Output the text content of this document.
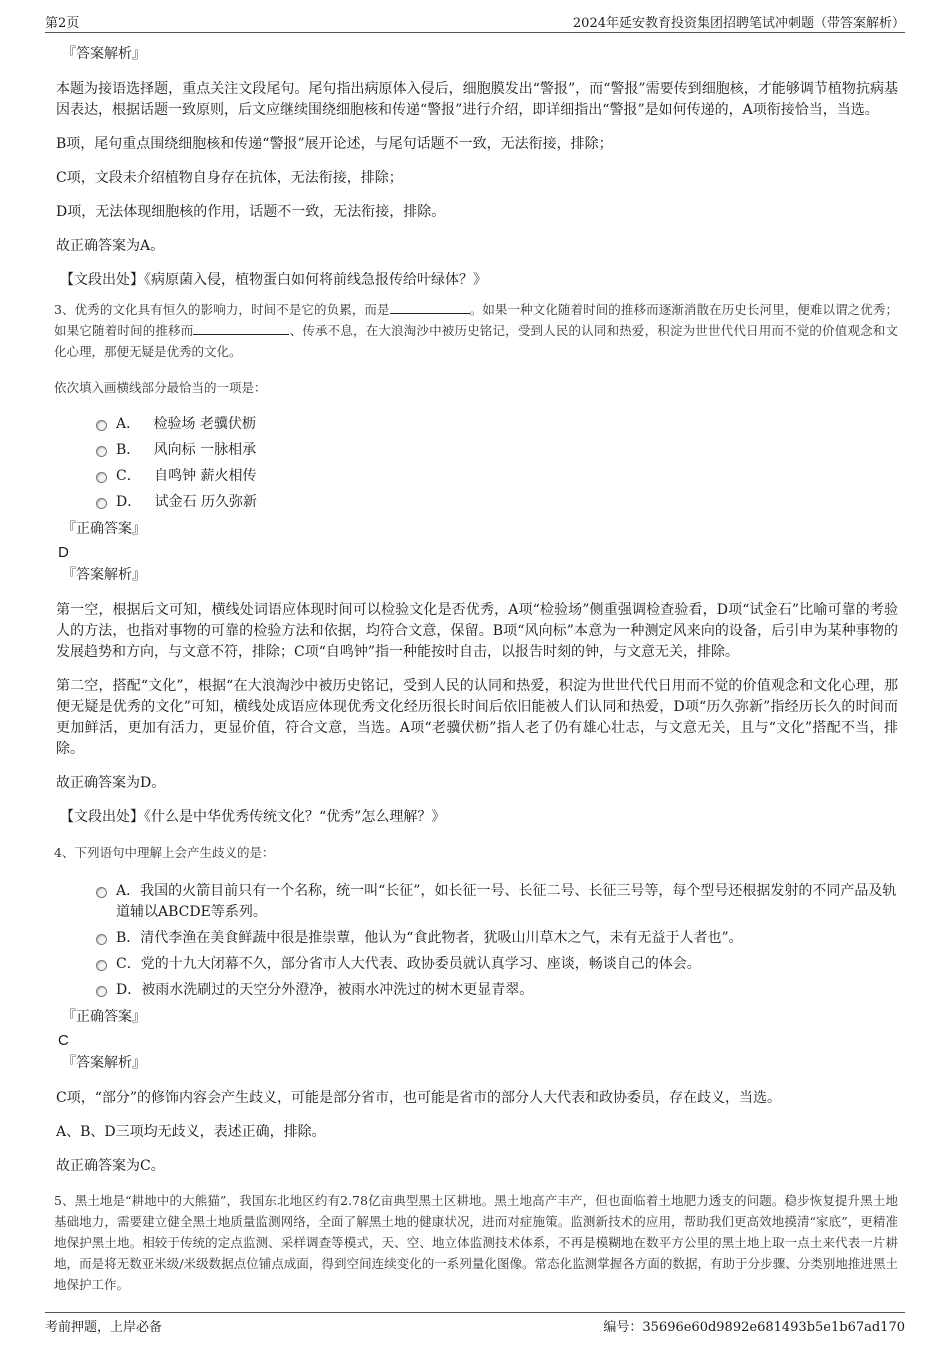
第2页	2024年延安教育投资集团招聘笔试冲刺题（带答案解析）
『答案解析』

本题为接语选择题，重点关注文段尾句。尾句指出病原体入侵后，细胞膜发出“警报”，而“警报”需要传到细胞核，才能够调节植物抗病基因表达，根据话题一致原则，后文应继续围绕细胞核和传递“警报”进行介绍，即详细指出“警报”是如何传递的，A项衔接恰当，当选。

B项，尾句重点围绕细胞核和传递“警报”展开论述，与尾句话题不一致，无法衔接，排除；

C项，文段未介绍植物自身存在抗体，无法衔接，排除；

D项，无法体现细胞核的作用，话题不一致，无法衔接，排除。

故正确答案为A。

【文段出处】《病原菌入侵，植物蛋白如何将前线急报传给叶绿体？》

3、优秀的文化具有恒久的影响力，时间不是它的负累，而是	。如果一种文化随着时间的推移而逐渐消散在历史长河里，便难以谓之优秀；如果它随着时间的推移而	、传承不息，在大浪淘沙中被历史铭记，受到人民的认同和热爱，积淀为世世代代日用而不觉的价值观念和文化心理，那便无疑是优秀的文化。

依次填入画横线部分最恰当的一项是：

A． 检验场 老骥伏枥
B． 风向标 一脉相承
C． 自鸣钟 薪火相传
D． 试金石 历久弥新
『正确答案』
D
『答案解析』

第一空，根据后文可知，横线处词语应体现时间可以检验文化是否优秀，A项“检验场”侧重强调检查验看，D项“试金石”比喻可靠的考验人的方法，也指对事物的可靠的检验方法和依据，均符合文意，保留。B项“风向标”本意为一种测定风来向的设备，后引申为某种事物的发展趋势和方向，与文意不符，排除；C项“自鸣钟”指一种能按时自击，以报告时刻的钟，与文意无关，排除。

第二空，搭配“文化”，根据“在大浪淘沙中被历史铭记，受到人民的认同和热爱，积淀为世世代代日用而不觉的价值观念和文化心理，那便无疑是优秀的文化”可知，横线处成语应体现优秀文化经历很长时间后依旧能被人们认同和热爱，D项“历久弥新”指经历长久的时间而更加鲜活，更加有活力，更显价值，符合文意，当选。A项“老骥伏枥”指人老了仍有雄心壮志，与文意无关，且与“文化”搭配不当，排除。

故正确答案为D。

【文段出处】《什么是中华优秀传统文化？“优秀”怎么理解？》

4、下列语句中理解上会产生歧义的是：

A．我国的火箭目前只有一个名称，统一叫“长征”，如长征一号、长征二号、长征三号等，每个型号还根据发射的不同产品及轨道辅以ABCDE等系列。
B．清代李渔在美食鲜蔬中很是推崇蕈，他认为“食此物者，犹吸山川草木之气，未有无益于人者也”。
C．党的十九大闭幕不久，部分省市人大代表、政协委员就认真学习、座谈，畅谈自己的体会。
D．被雨水洗刷过的天空分外澄净，被雨水冲洗过的树木更显青翠。
『正确答案』
C
『答案解析』

C项，“部分”的修饰内容会产生歧义，可能是部分省市，也可能是省市的部分人大代表和政协委员，存在歧义，当选。

A、B、D三项均无歧义，表述正确，排除。

故正确答案为C。

5、黑土地是“耕地中的大熊猫”，我国东北地区约有2.78亿亩典型黑土区耕地。黑土地高产丰产，但也面临着土地肥力透支的问题。稳步恢复提升黑土地基础地力，需要建立健全黑土地质量监测网络，全面了解黑土地的健康状况，进而对症施策。监测新技术的应用，帮助我们更高效地摸清“家底”，更精准地保护黑土地。相较于传统的定点监测、采样调查等模式，天、空、地立体监测技术体系，不再是模糊地在数平方公里的黑土地上取一点土来代表一片耕地，而是将无数亚米级/米级数据点位铺点成面，得到空间连续变化的一系列量化图像。常态化监测掌握各方面的数据，有助于分步骤、分类别地推进黑土地保护工作。

考前押题，上岸必备	编号：35696e60d9892e681493b5e1b67ad170
